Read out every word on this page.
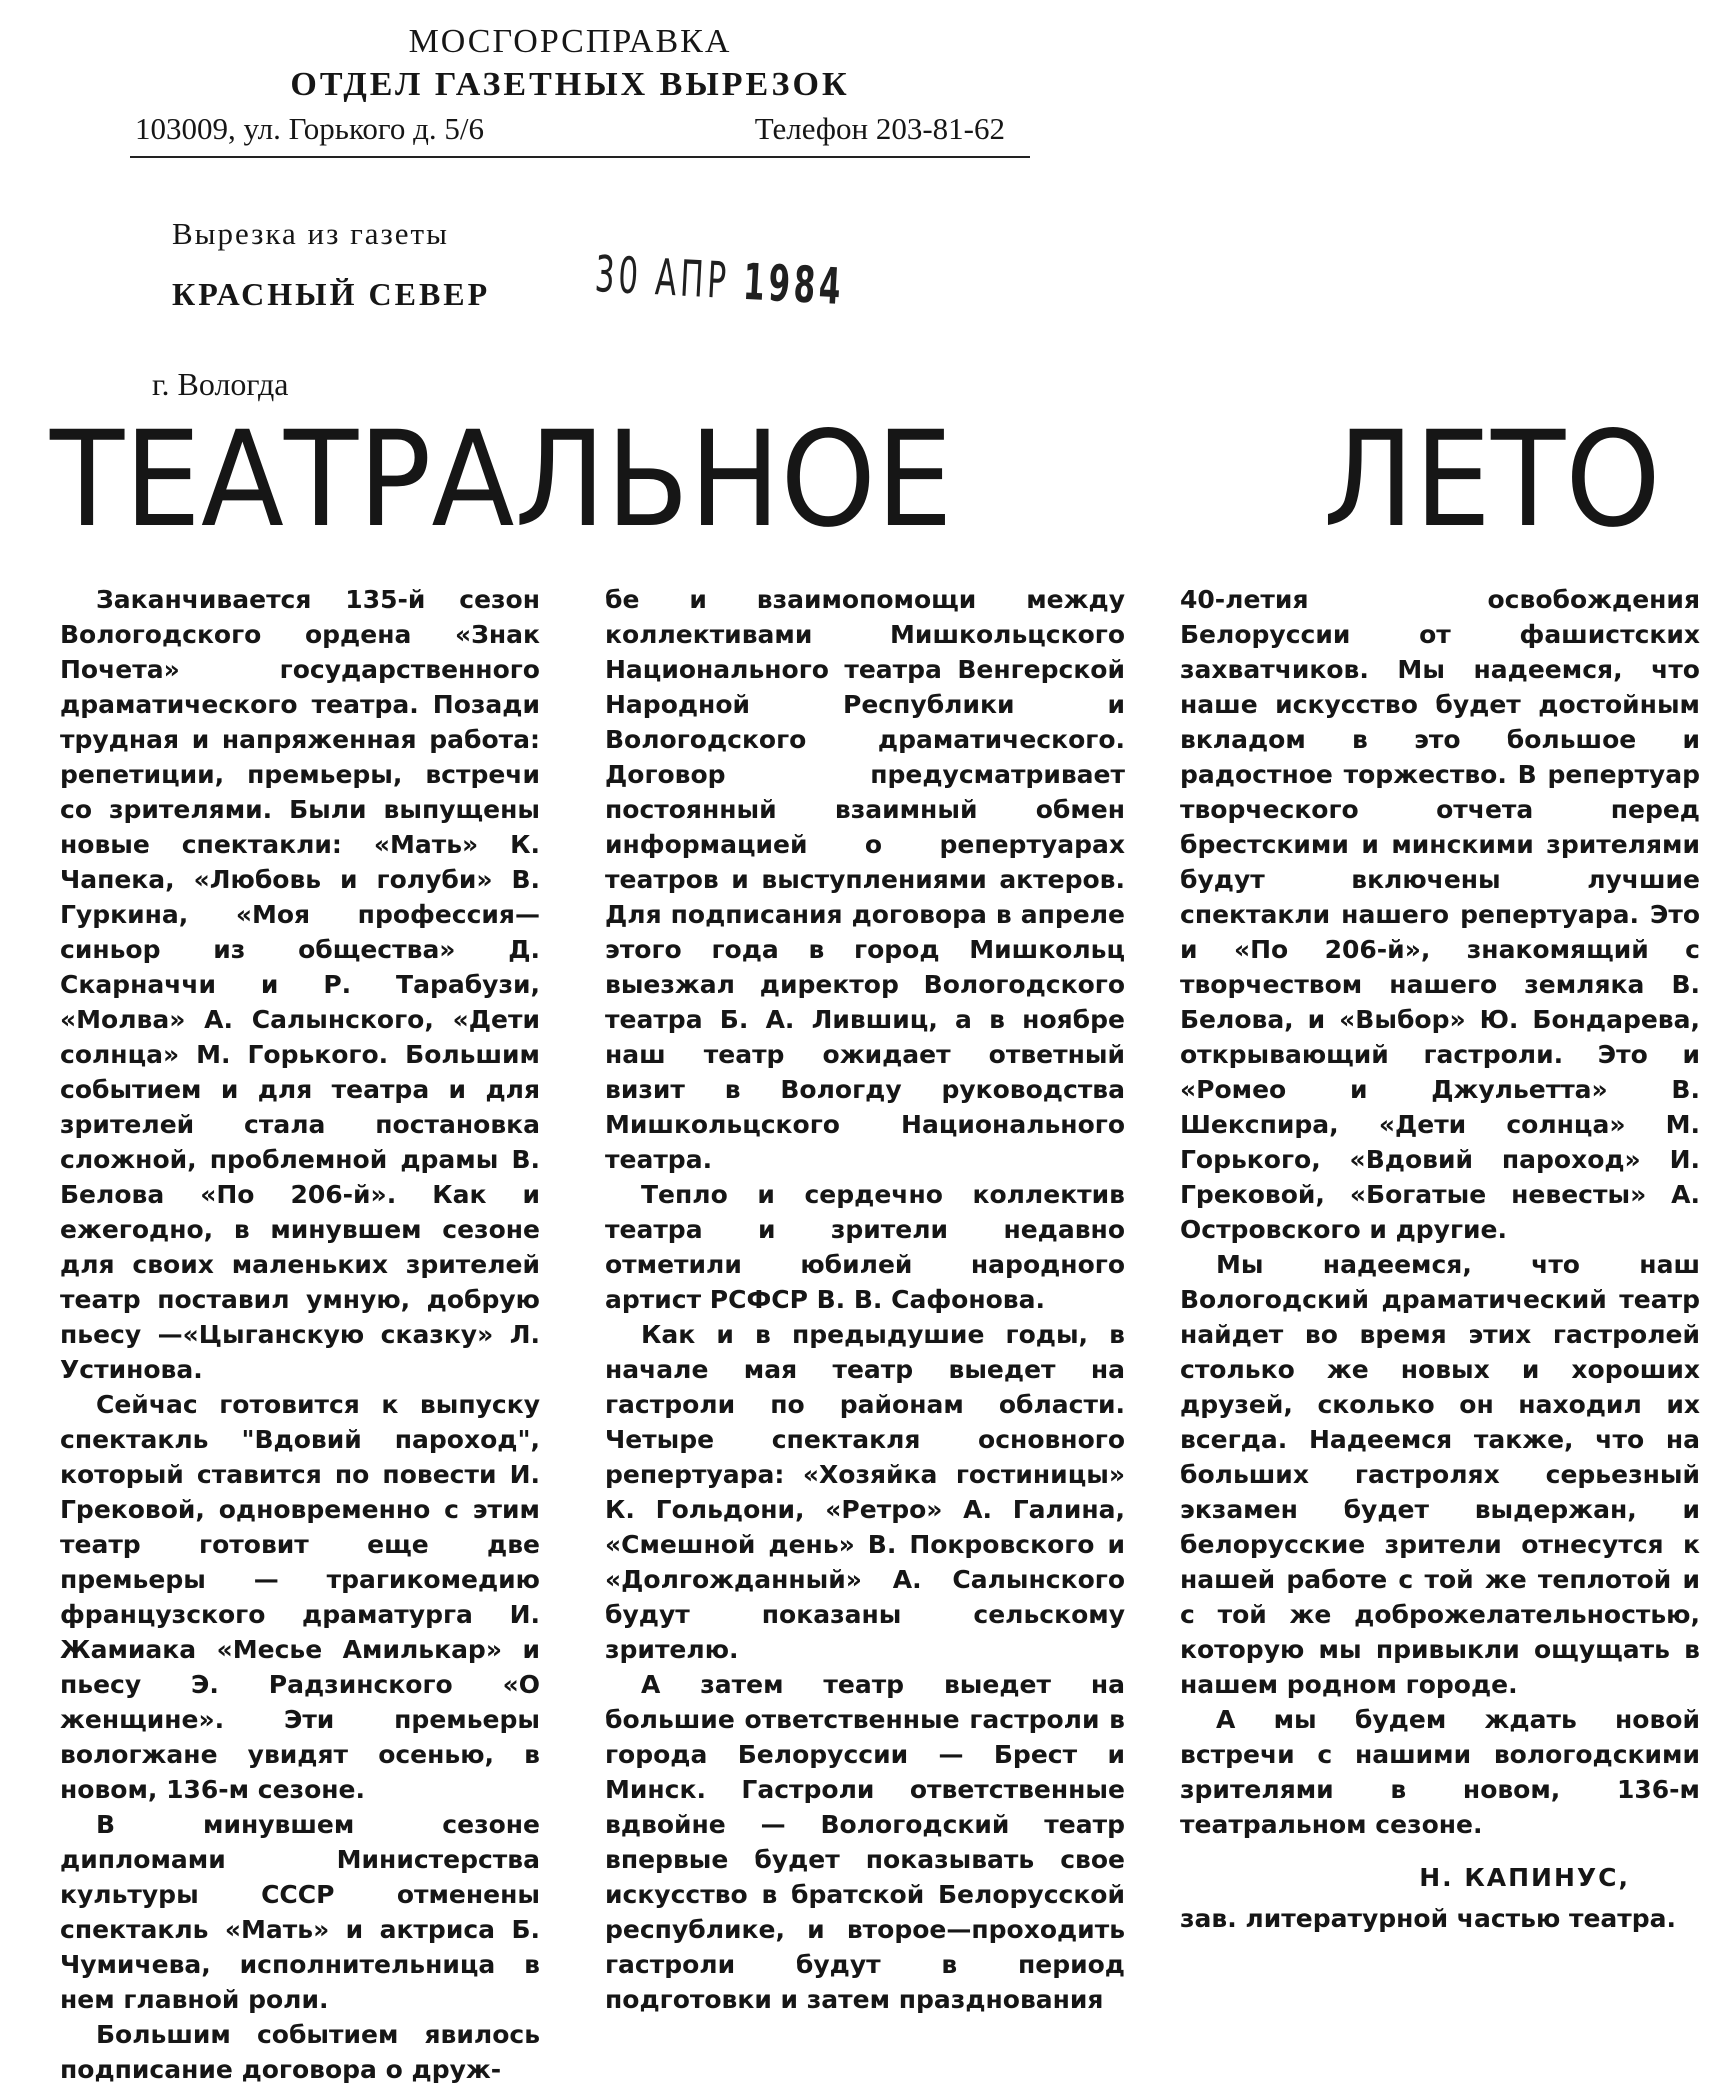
МОСГОРСПРАВКА
ОТДЕЛ ГАЗЕТНЫХ ВЫРЕЗОК
103009, ул. Горького д. 5/6	Телефон 203-81-62
Вырезка из газеты
КРАСНЫЙ СЕВЕР 30 АПР 1984
г. Вологда
ТЕАТРАЛЬНОЕ	ЛЕТО

Заканчивается 135-й сезон Вологодского ордена «Знак Почета» государственного драматического театра. Позади трудная и напряженная работа: репетиции, премьеры, встречи со зрителями. Были выпущены новые спектакли: «Мать» К. Чапека, «Любовь и голуби» В. Гуркина, «Моя профессия— синьор из общества» Д. Скарначчи и Р. Тарабузи, «Молва» А. Салынского, «Дети солнца» М. Горького. Большим событием и для театра и для зрителей стала постановка сложной, проблемной драмы В. Белова «По 206-й». Как и ежегодно, в минувшем сезоне для своих маленьких зрителей театр поставил умную, добрую пьесу —«Цыганскую сказку» Л. Устинова.

Сейчас готовится к выпуску спектакль "Вдовий пароход", который ставится по повести И. Грековой, одновременно с этим театр готовит еще две премьеры — трагикомедию французского драматурга И. Жамиака «Месье Амилькар» и пьесу Э. Радзинского «О женщине». Эти премьеры вологжане увидят осенью, в новом, 136-м сезоне.

В минувшем сезоне дипломами Министерства культуры СССР отменены спектакль «Мать» и актриса Б. Чумичева, исполнительница в нем главной роли.

Большим событием явилось подписание договора о друж-

бе и взаимопомощи между коллективами Мишкольцского Национального театра Венгерской Народной Республики и Вологодского драматического. Договор предусматривает постоянный взаимный обмен информацией о репертуарах театров и выступлениями актеров. Для подписания договора в апреле этого года в город Мишкольц выезжал директор Вологодского театра Б. А. Лившиц, а в ноябре наш театр ожидает ответный визит в Вологду руководства Мишкольцского Национального театра.

Тепло и сердечно коллектив театра и зрители недавно отметили юбилей народного артист РСФСР В. В. Сафонова.

Как и в предыдушие годы, в начале мая театр выедет на гастроли по районам области. Четыре спектакля основного репертуара: «Хозяйка гостиницы» К. Гольдони, «Ретро» А. Галина, «Смешной день» В. Покровского и «Долгожданный» А. Салынского будут показаны сельскому зрителю.

А затем театр выедет на большие ответственные гастроли в города Белоруссии — Брест и Минск. Гастроли ответственные вдвойне — Вологодский театр впервые будет показывать свое искусство в братской Белорусской республике, и второе—проходить гастроли будут в период подготовки и затем празднования

40-летия освобождения Белоруссии от фашистских захватчиков. Мы надеемся, что наше искусство будет достойным вкладом в это большое и радостное торжество. В репертуар творческого отчета перед брестскими и минскими зрителями будут включены лучшие спектакли нашего репертуара. Это и «По 206-й», знакомящий с творчеством нашего земляка В. Белова, и «Выбор» Ю. Бондарева, открывающий гастроли. Это и «Ромео и Джульетта» В. Шекспира, «Дети солнца» М. Горького, «Вдовий пароход» И. Грековой, «Богатые невесты» А. Островского и другие.

Мы надеемся, что наш Вологодский драматический театр найдет во время этих гастролей столько же новых и хороших друзей, сколько он находил их всегда. Надеемся также, что на больших гастролях серьезный экзамен будет выдержан, и белорусские зрители отнесутся к нашей работе с той же теплотой и с той же доброжелательностью, которую мы привыкли ощущать в нашем родном городе.

А мы будем ждать новой встречи с нашими вологодскими зрителями в новом, 136-м театральном сезоне.

Н. КАПИНУС,

зав. литературной частью театра.
